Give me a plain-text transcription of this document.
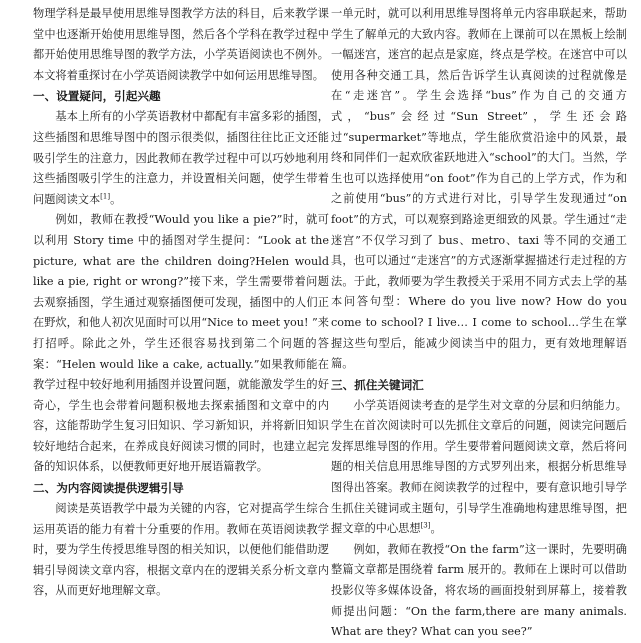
物理学科是最早使用思维导图教学方法的科目，后来教学课堂中也逐渐开始使用思维导图，然后各个学科在教学过程中都开始使用思维导图的教学方法，小学英语阅读也不例外。本文将着重探讨在小学英语阅读教学中如何运用思维导图。

一、设置疑问，引起兴趣

基本上所有的小学英语教材中都配有丰富多彩的插图，这些插图和思维导图中的图示很类似，插图往往比正文还能吸引学生的注意力，因此教师在教学过程中可以巧妙地利用这些插图吸引学生的注意力，并设置相关问题，使学生带着问题阅读文本[1]。

例如，教师在教授“Would you like a pie?”时，就可以利用 Story time 中的插图对学生提问：“Look at the picture, what are the children doing?Helen would like a pie, right or wrong?”接下来，学生需要带着问题去观察插图，学生通过观察插图便可发现，插图中的人们正在野炊，和他人初次见面时可以用“Nice to meet you! ”来打招呼。除此之外，学生还很容易找到第二个问题的答案：“Helen would like a cake, actually.”如果教师能在教学过程中较好地利用插图并设置问题，就能激发学生的好奇心，学生也会带着问题积极地去探索插图和文章中的内容，这能帮助学生复习旧知识、学习新知识，并将新旧知识较好地结合起来，在养成良好阅读习惯的同时，也建立起完备的知识体系，以便教师更好地开展语篇教学。

二、为内容阅读提供逻辑引导

阅读是英语教学中最为关键的内容，它对提高学生综合运用英语的能力有着十分重要的作用。教师在英语阅读教学时，要为学生传授思维导图的相关知识，以便他们能借助逻辑引导阅读文章内容，根据文章内在的逻辑关系分析文章内容，从而更好地理解文章。

一单元时，就可以利用思维导图将单元内容串联起来，帮助学生了解单元的大致内容。教师在上课前可以在黑板上绘制一幅迷宫，迷宫的起点是家庭，终点是学校。在迷宫中可以使用各种交通工具，然后告诉学生认真阅读的过程就像是在“走迷宫”。学生会选择“bus”作为自己的交通方式，“bus”会经过“Sun Street”，学生还会路过“supermarket”等地点，学生能欣赏沿途中的风景，最终和同伴们一起欢欣雀跃地进入“school”的大门。当然，学生也可以选择使用“on foot”作为自己的上学方式，作为和之前使用“bus”的方式进行对比，引导学生发现通过“on foot”的方式，可以观察到路途更细致的风景。学生通过“走迷宫”不仅学习到了 bus、metro、taxi 等不同的交通工具，也可以通过“走迷宫”的方式逐渐掌握描述行走过程的方法。于此，教师要为学生教授关于采用不同方式去上学的基本问答句型：Where do you live now? How do you come to school? I live… I come to school…学生在掌握这些句型后，能减少阅读当中的阻力，更有效地理解语篇。

三、抓住关键词汇

小学英语阅读考查的是学生对文章的分层和归纳能力。学生在首次阅读时可以先抓住文章后的问题，阅读完问题后发挥思维导图的作用。学生要带着问题阅读文章，然后将问题的相关信息用思维导图的方式罗列出来，根据分析思维导图得出答案。教师在阅读教学的过程中，要有意识地引导学生抓住关键词或主题句，引导学生准确地构建思维导图，把握文章的中心思想[3]。

例如，教师在教授“On the farm”这一课时，先要明确整篇文章都是围绕着 farm 展开的。教师在上课时可以借助投影仪等多媒体设备，将农场的画面投射到屏幕上，接着教师提出问题：“On the farm,there are many animals. What are they? What can you see?”
